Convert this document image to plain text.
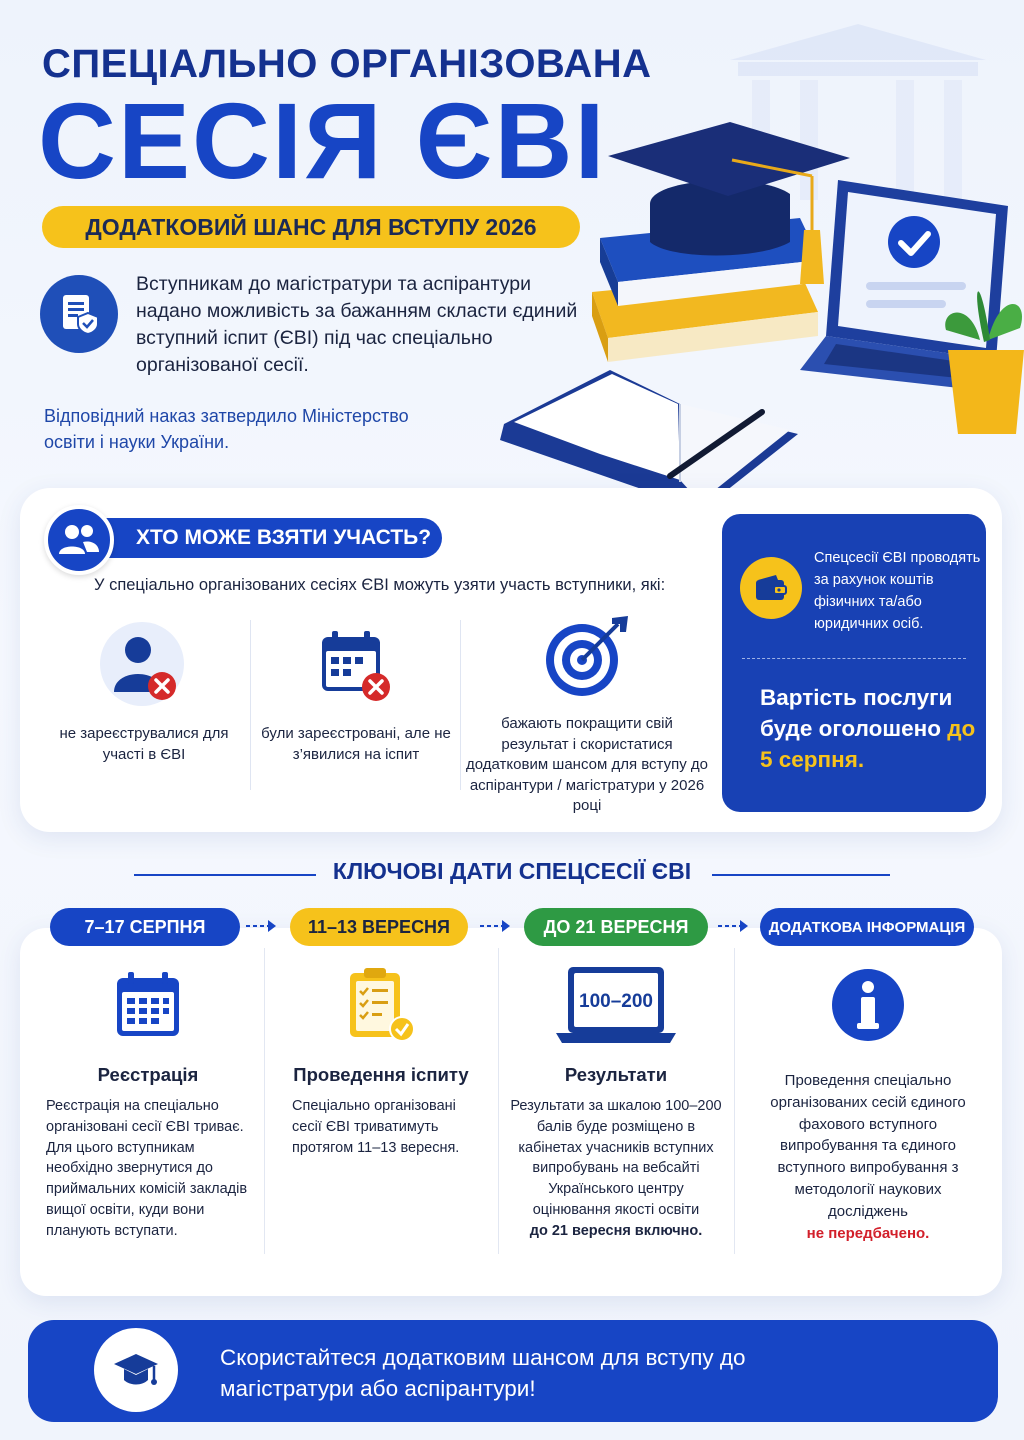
СПЕЦІАЛЬНО ОРГАНІЗОВАНА
СЕСІЯ ЄВІ
ДОДАТКОВИЙ ШАНС ДЛЯ ВСТУПУ 2026
Вступникам до магістратури та аспірантури надано можливість за бажанням скласти єдиний вступний іспит (ЄВІ) під час спеціально організованої сесії.
Відповідний наказ затвердило Міністерство освіти і науки України.
ХТО МОЖЕ ВЗЯТИ УЧАСТЬ?
У спеціально організованих сесіях ЄВІ можуть узяти участь вступники, які:
не зареєструвалися для участі в ЄВІ
були зареєстровані, але не з’явилися на іспит
бажають покращити свій результат і скористатися додатковим шансом для вступу до аспірантури / магістратури у 2026 році
Спецсесії ЄВІ проводять за рахунок коштів фізичних та/або юридичних осіб.
Вартість послуги буде оголошено до 5 серпня.
КЛЮЧОВІ ДАТИ СПЕЦСЕСІЇ ЄВІ
7–17 СЕРПНЯ	11–13 ВЕРЕСНЯ	ДО 21 ВЕРЕСНЯ	ДОДАТКОВА ІНФОРМАЦІЯ
Реєстрація
Реєстрація на спеціально організовані сесії ЄВІ триває. Для цього вступникам необхідно звернутися до приймальних комісій закладів вищої освіти, куди вони планують вступати.
Проведення іспиту
Спеціально організовані сесії ЄВІ триватимуть протягом 11–13 вересня.
100–200
Результати
Результати за шкалою 100–200 балів буде розміщено в кабінетах учасників вступних випробувань на вебсайті Українського центру оцінювання якості освіти
до 21 вересня включно.
Проведення спеціально організованих сесій єдиного фахового вступного випробування та єдиного вступного випробування з методології наукових досліджень
не передбачено.
Скористайтеся додатковим шансом для вступу до магістратури або аспірантури!
